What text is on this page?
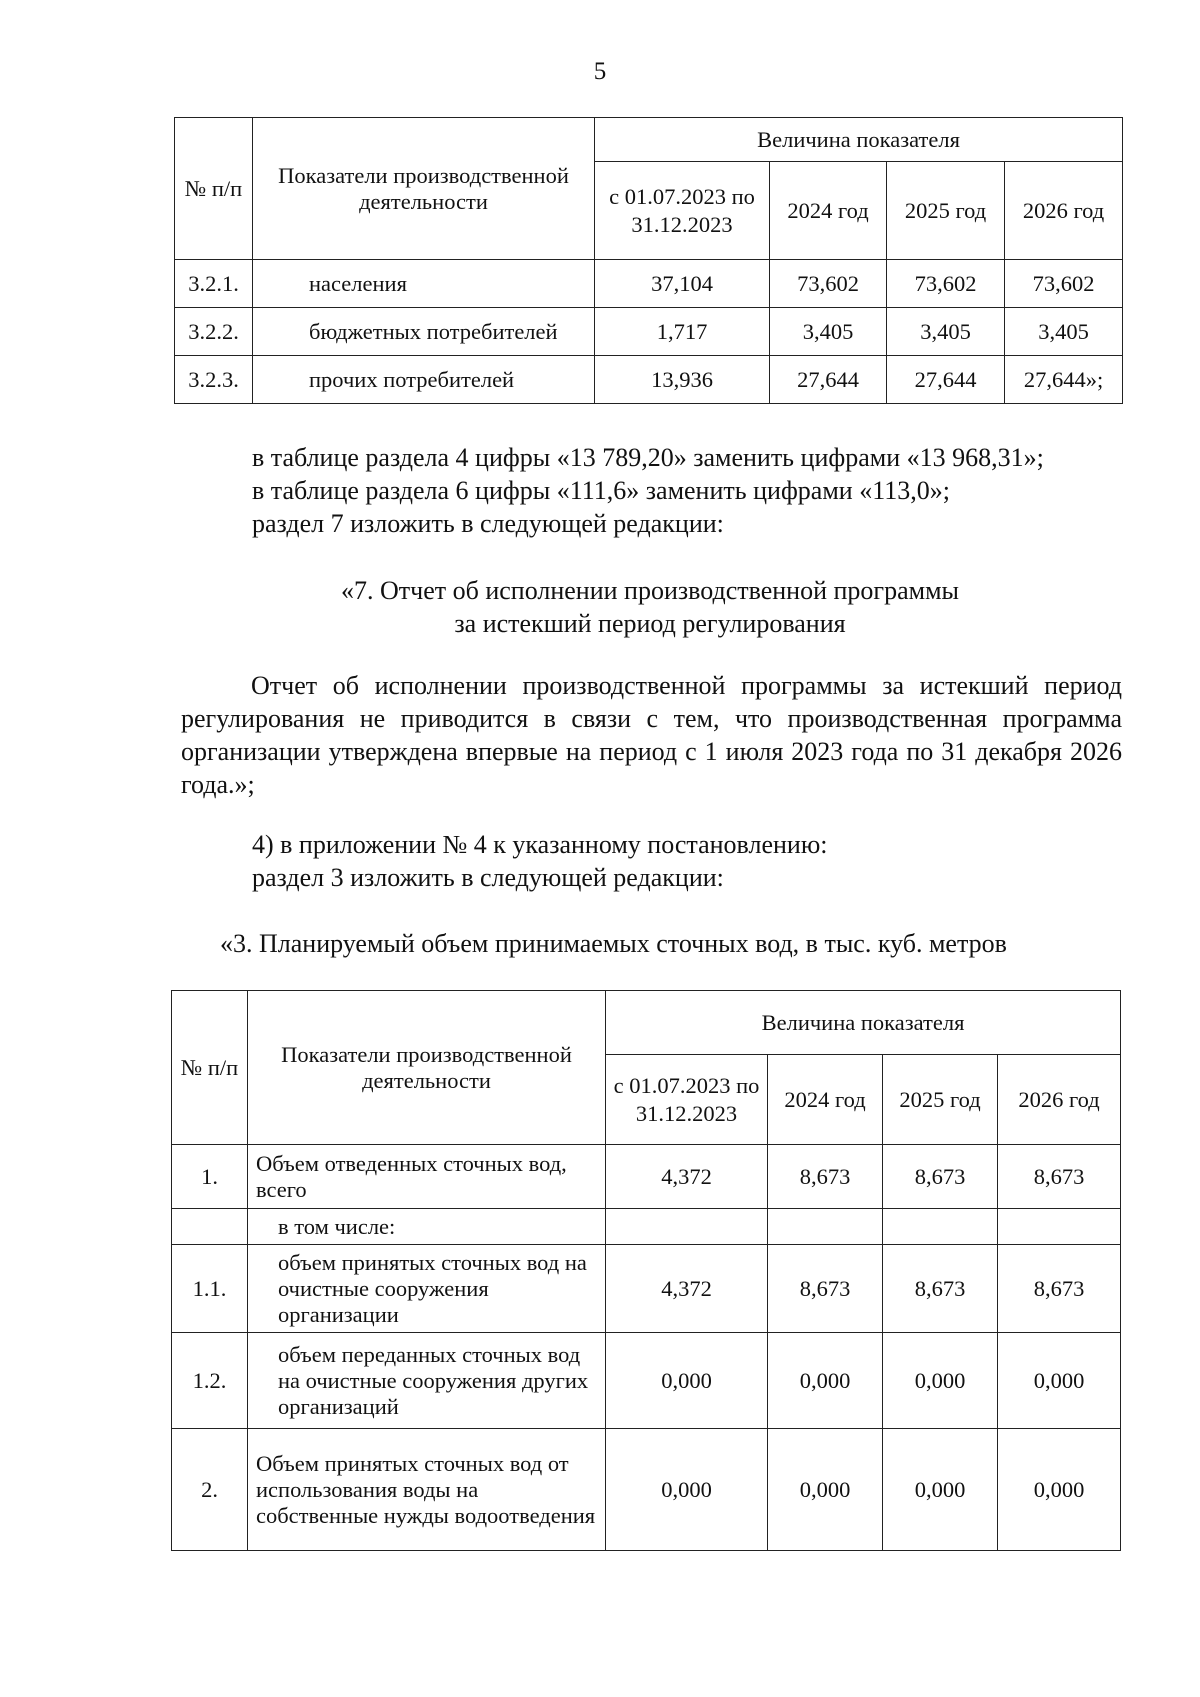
5
№ п/п	Показатели производственной деятельности	Величина показателя			
		с 01.07.2023 по 31.12.2023	2024 год	2025 год	2026 год
3.2.1.	населения	37,104	73,602	73,602	73,602
3.2.2.	бюджетных потребителей	1,717	3,405	3,405	3,405
3.2.3.	прочих потребителей	13,936	27,644	27,644	27,644»;
в таблице раздела 4 цифры «13 789,20» заменить цифрами «13 968,31»;
в таблице раздела 6 цифры «111,6» заменить цифрами «113,0»;
раздел 7 изложить в следующей редакции:
«7. Отчет об исполнении производственной программы
за истекший период регулирования
Отчет об исполнении производственной программы за истекший период регулирования не приводится в связи с тем, что производственная программа организации утверждена впервые на период с 1 июля 2023 года по 31 декабря 2026 года.»;
4) в приложении № 4 к указанному постановлению:
раздел 3 изложить в следующей редакции:
«3. Планируемый объем принимаемых сточных вод, в тыс. куб. метров
№ п/п	Показатели производственной деятельности	Величина показателя			
		с 01.07.2023 по 31.12.2023	2024 год	2025 год	2026 год
1.	Объем отведенных сточных вод, всего	4,372	8,673	8,673	8,673
	в том числе:				
1.1.	объем принятых сточных вод на очистные сооружения организации	4,372	8,673	8,673	8,673
1.2.	объем переданных сточных вод на очистные сооружения других организаций	0,000	0,000	0,000	0,000
2.	Объем принятых сточных вод от использования воды на собственные нужды водоотведения	0,000	0,000	0,000	0,000
